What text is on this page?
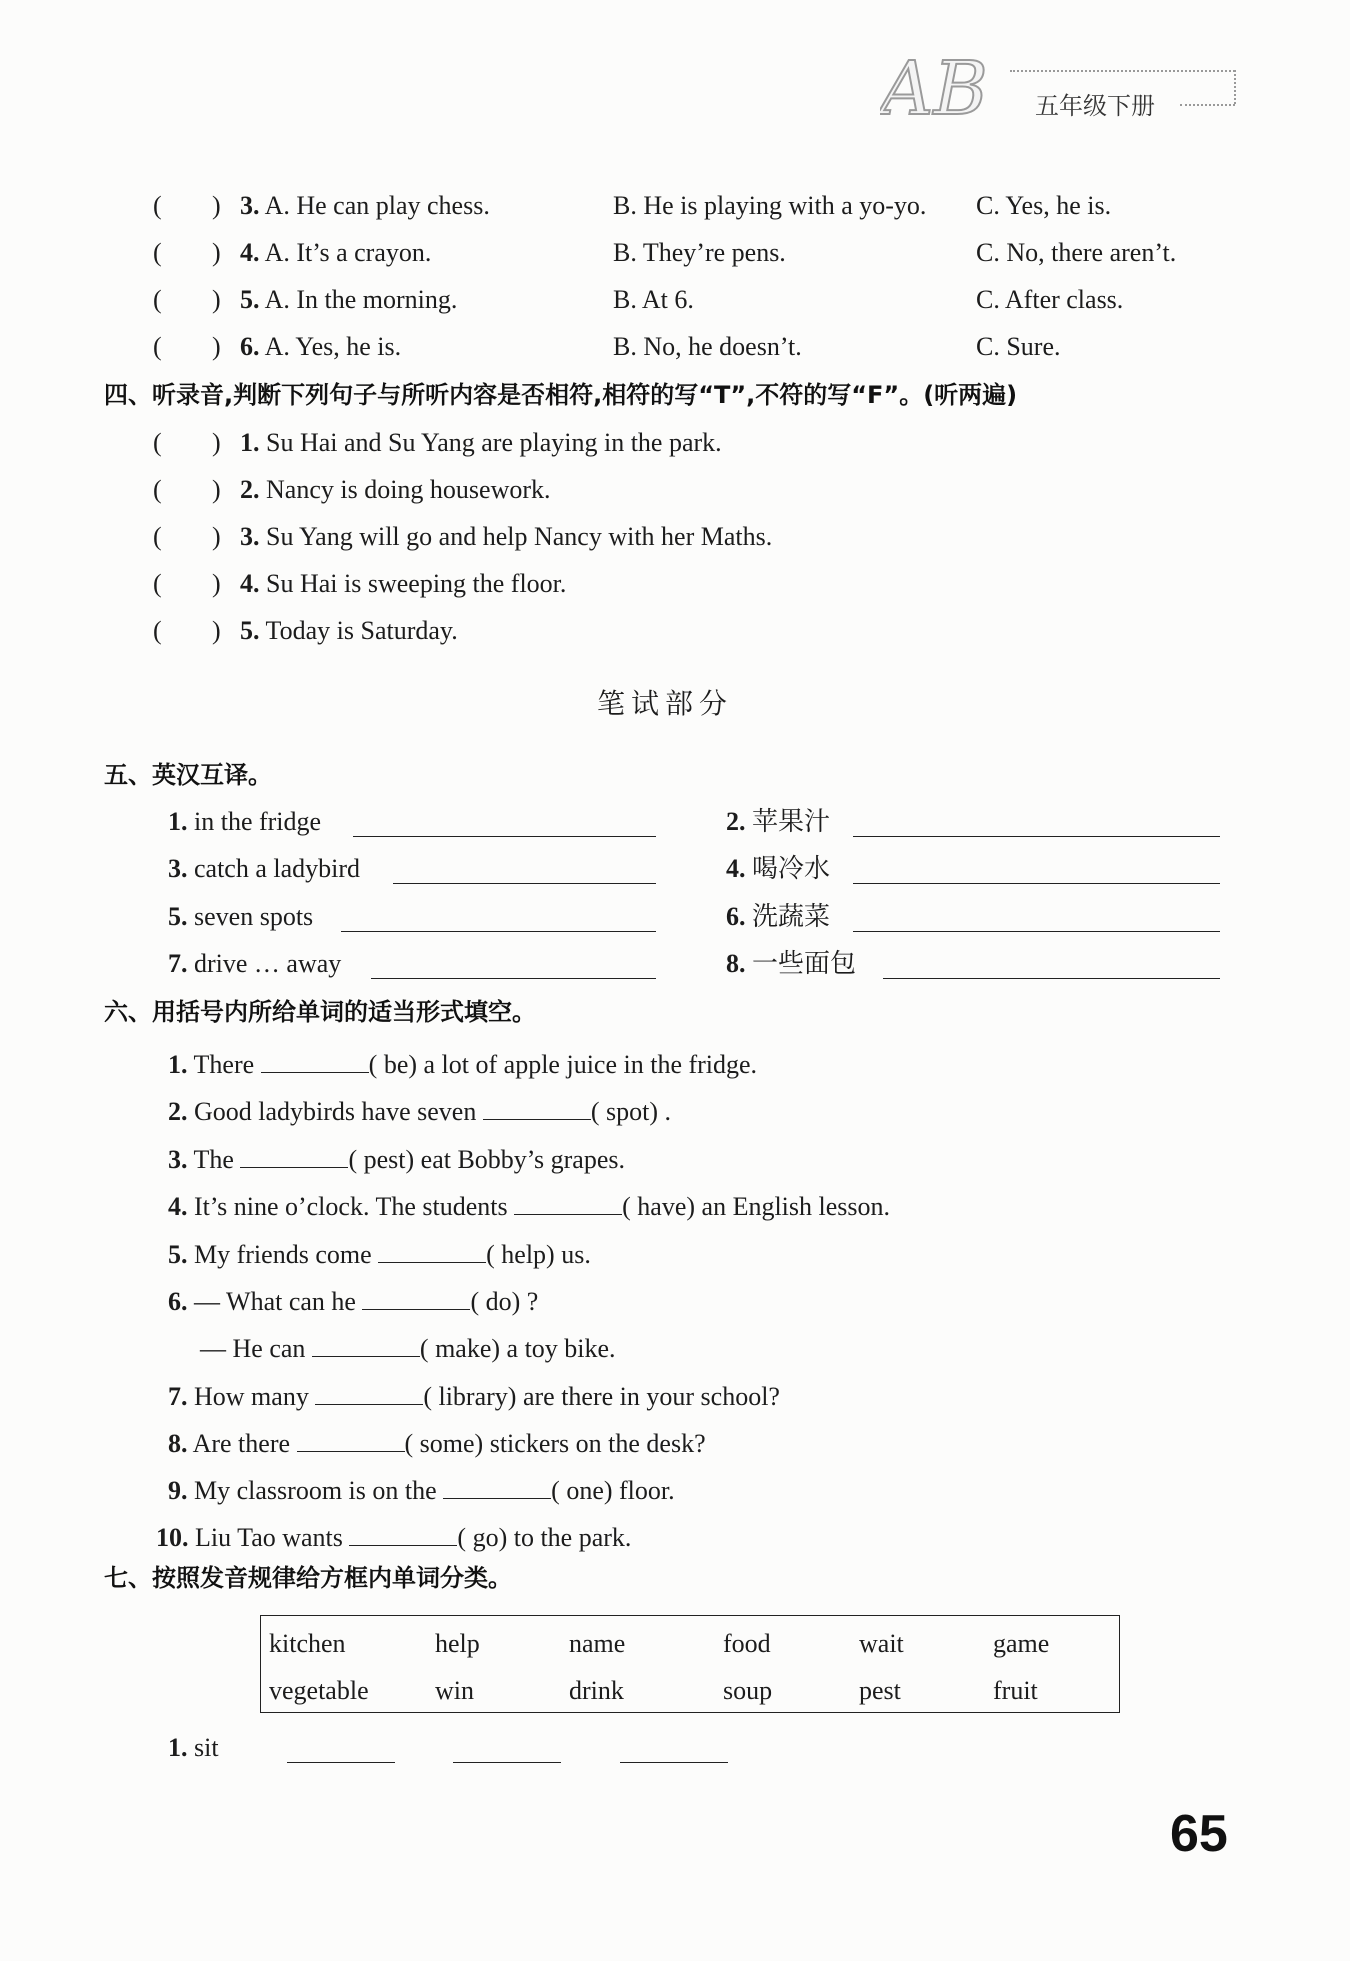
AB 五年级下册
( ) 3. A. He can play chess.	B. He is playing with a yo-yo. C. Yes, he is.
( ) 4. A. It’s a crayon.	B. They’re pens.	C. No, there aren’t.
( ) 5. A. In the morning.	B. At 6.	C. After class.
( ) 6. A. Yes, he is.	B. No, he doesn’t.	C. Sure.
四、听录音,判断下列句子与所听内容是否相符,相符的写“T”,不符的写“F”。(听两遍)
( ) 1. Su Hai and Su Yang are playing in the park.
( ) 2. Nancy is doing housework.
( ) 3. Su Yang will go and help Nancy with her Maths.
( ) 4. Su Hai is sweeping the floor.
( ) 5. Today is Saturday.
笔试部分
五、英汉互译。
1. in the fridge	2. 苹果汁
3. catch a ladybird	4. 喝冷水
5. seven spots	6. 洗蔬菜
7. drive … away	8. 一些面包
六、用括号内所给单词的适当形式填空。
1. There	( be) a lot of apple juice in the fridge.
2. Good ladybirds have seven	( spot) .
3. The	( pest) eat Bobby’s grapes.
4. It’s nine o’clock. The students	( have) an English lesson.
5. My friends come	( help) us.
6. — What can he	( do) ?
— He can	( make) a toy bike.
7. How many	( library) are there in your school?
8. Are there	( some) stickers on the desk?
9. My classroom is on the	( one) floor.
10. Liu Tao wants	( go) to the park.
七、按照发音规律给方框内单词分类。
kitchen	help	name	food	wait	game
vegetable	win	drink	soup	pest	fruit
1. sit
65
